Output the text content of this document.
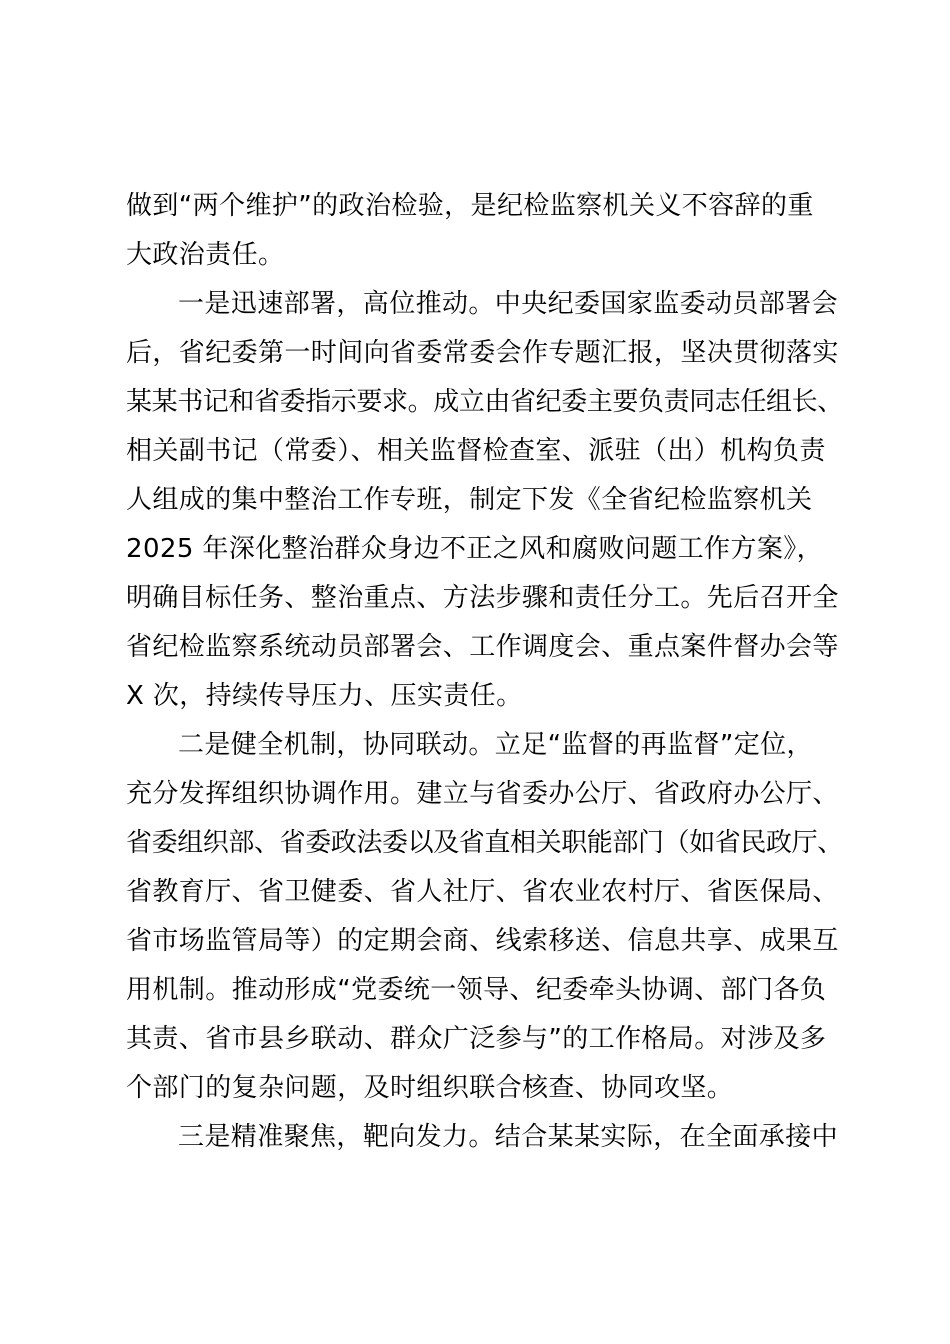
做到“两个维护”的政治检验，是纪检监察机关义不容辞的重
大政治责任。
一是迅速部署，高位推动。中央纪委国家监委动员部署会
后，省纪委第一时间向省委常委会作专题汇报，坚决贯彻落实
某某书记和省委指示要求。成立由省纪委主要负责同志任组长、
相关副书记（常委）、相关监督检查室、派驻（出）机构负责
人组成的集中整治工作专班，制定下发《全省纪检监察机关
2025 年深化整治群众身边不正之风和腐败问题工作方案》，
明确目标任务、整治重点、方法步骤和责任分工。先后召开全
省纪检监察系统动员部署会、工作调度会、重点案件督办会等
X 次，持续传导压力、压实责任。
二是健全机制，协同联动。立足“监督的再监督”定位，
充分发挥组织协调作用。建立与省委办公厅、省政府办公厅、
省委组织部、省委政法委以及省直相关职能部门（如省民政厅、
省教育厅、省卫健委、省人社厅、省农业农村厅、省医保局、
省市场监管局等）的定期会商、线索移送、信息共享、成果互
用机制。推动形成“党委统一领导、纪委牵头协调、部门各负
其责、省市县乡联动、群众广泛参与”的工作格局。对涉及多
个部门的复杂问题，及时组织联合核查、协同攻坚。
三是精准聚焦，靶向发力。结合某某实际，在全面承接中
